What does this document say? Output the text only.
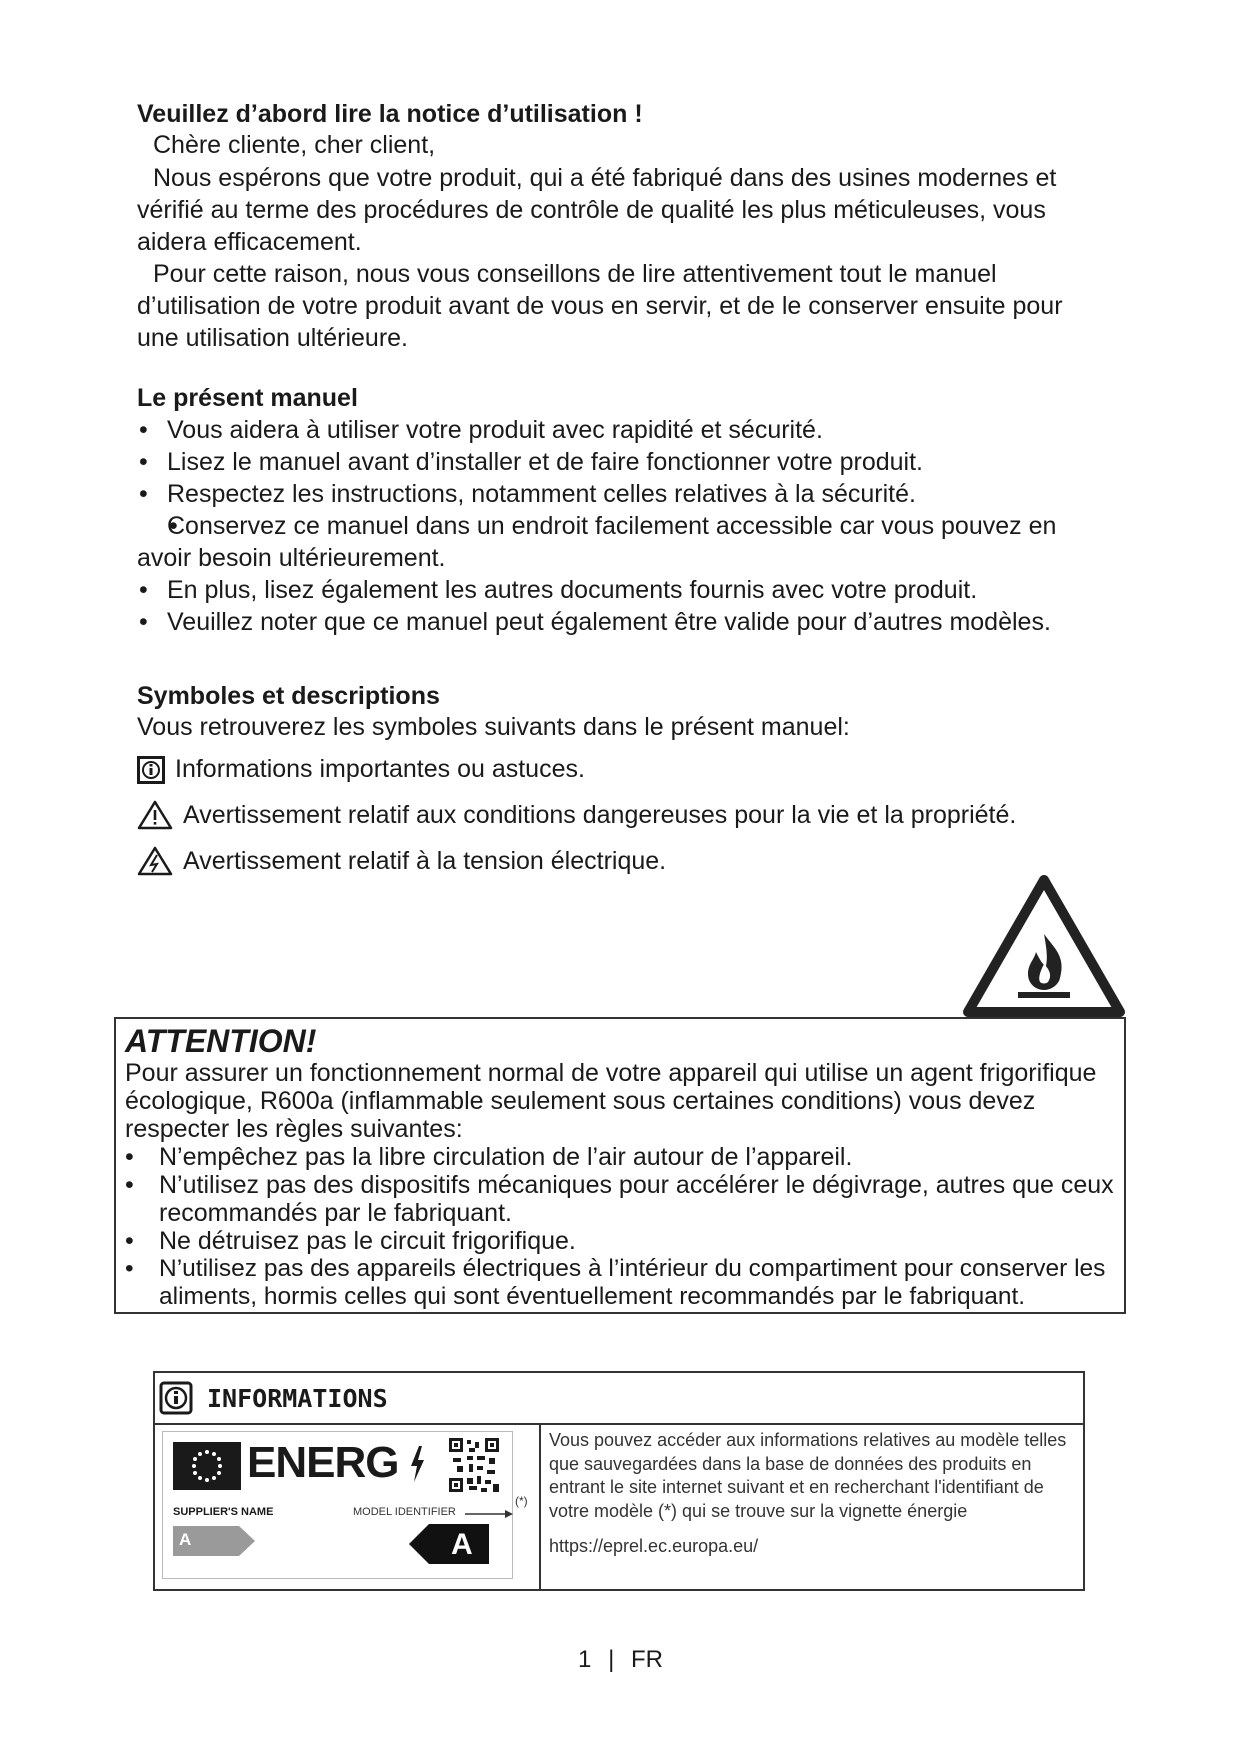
Veuillez d’abord lire la notice d’utilisation !
Chère cliente, cher client,
Nous espérons que votre produit, qui a été fabriqué dans des usines modernes et vérifié au terme des procédures de contrôle de qualité les plus méticuleuses, vous aidera efficacement.
Pour cette raison, nous vous conseillons de lire attentivement tout le manuel d’utilisation de votre produit avant de vous en servir, et de le conserver ensuite pour une utilisation ultérieure.
Le présent manuel
• Vous aidera à utiliser votre produit avec rapidité et sécurité.
• Lisez le manuel avant d’installer et de faire fonctionner votre produit.
• Respectez les instructions, notamment celles relatives à la sécurité.
• Conservez ce manuel dans un endroit facilement accessible car vous pouvez en avoir besoin ultérieurement.
• En plus, lisez également les autres documents fournis avec votre produit.
• Veuillez noter que ce manuel peut également être valide pour d’autres modèles.
Symboles et descriptions
Vous retrouverez les symboles suivants dans le présent manuel:
Informations importantes ou astuces.
Avertissement relatif aux conditions dangereuses pour la vie et la propriété.
Avertissement relatif à la tension électrique.
ATTENTION!
Pour assurer un fonctionnement normal de votre appareil qui utilise un agent frigorifique écologique, R600a (inflammable seulement sous certaines conditions) vous devez respecter les règles suivantes:
• N’empêchez pas la libre circulation de l’air autour de l’appareil.
• N’utilisez pas des dispositifs mécaniques pour accélérer le dégivrage, autres que ceux recommandés par le fabriquant.
• Ne détruisez pas le circuit frigorifique.
• N’utilisez pas des appareils électriques à l’intérieur du compartiment pour conserver les aliments, hormis celles qui sont éventuellement recommandés par le fabriquant.
INFORMATIONS
ENERG
SUPPLIER'S NAME	MODEL IDENTIFIER
A	A
(*)
Vous pouvez accéder aux informations relatives au modèle telles que sauvegardées dans la base de données des produits en entrant le site internet suivant et en recherchant l'identifiant de votre modèle (*) qui se trouve sur la vignette énergie
https://eprel.ec.europa.eu/
1 | FR
